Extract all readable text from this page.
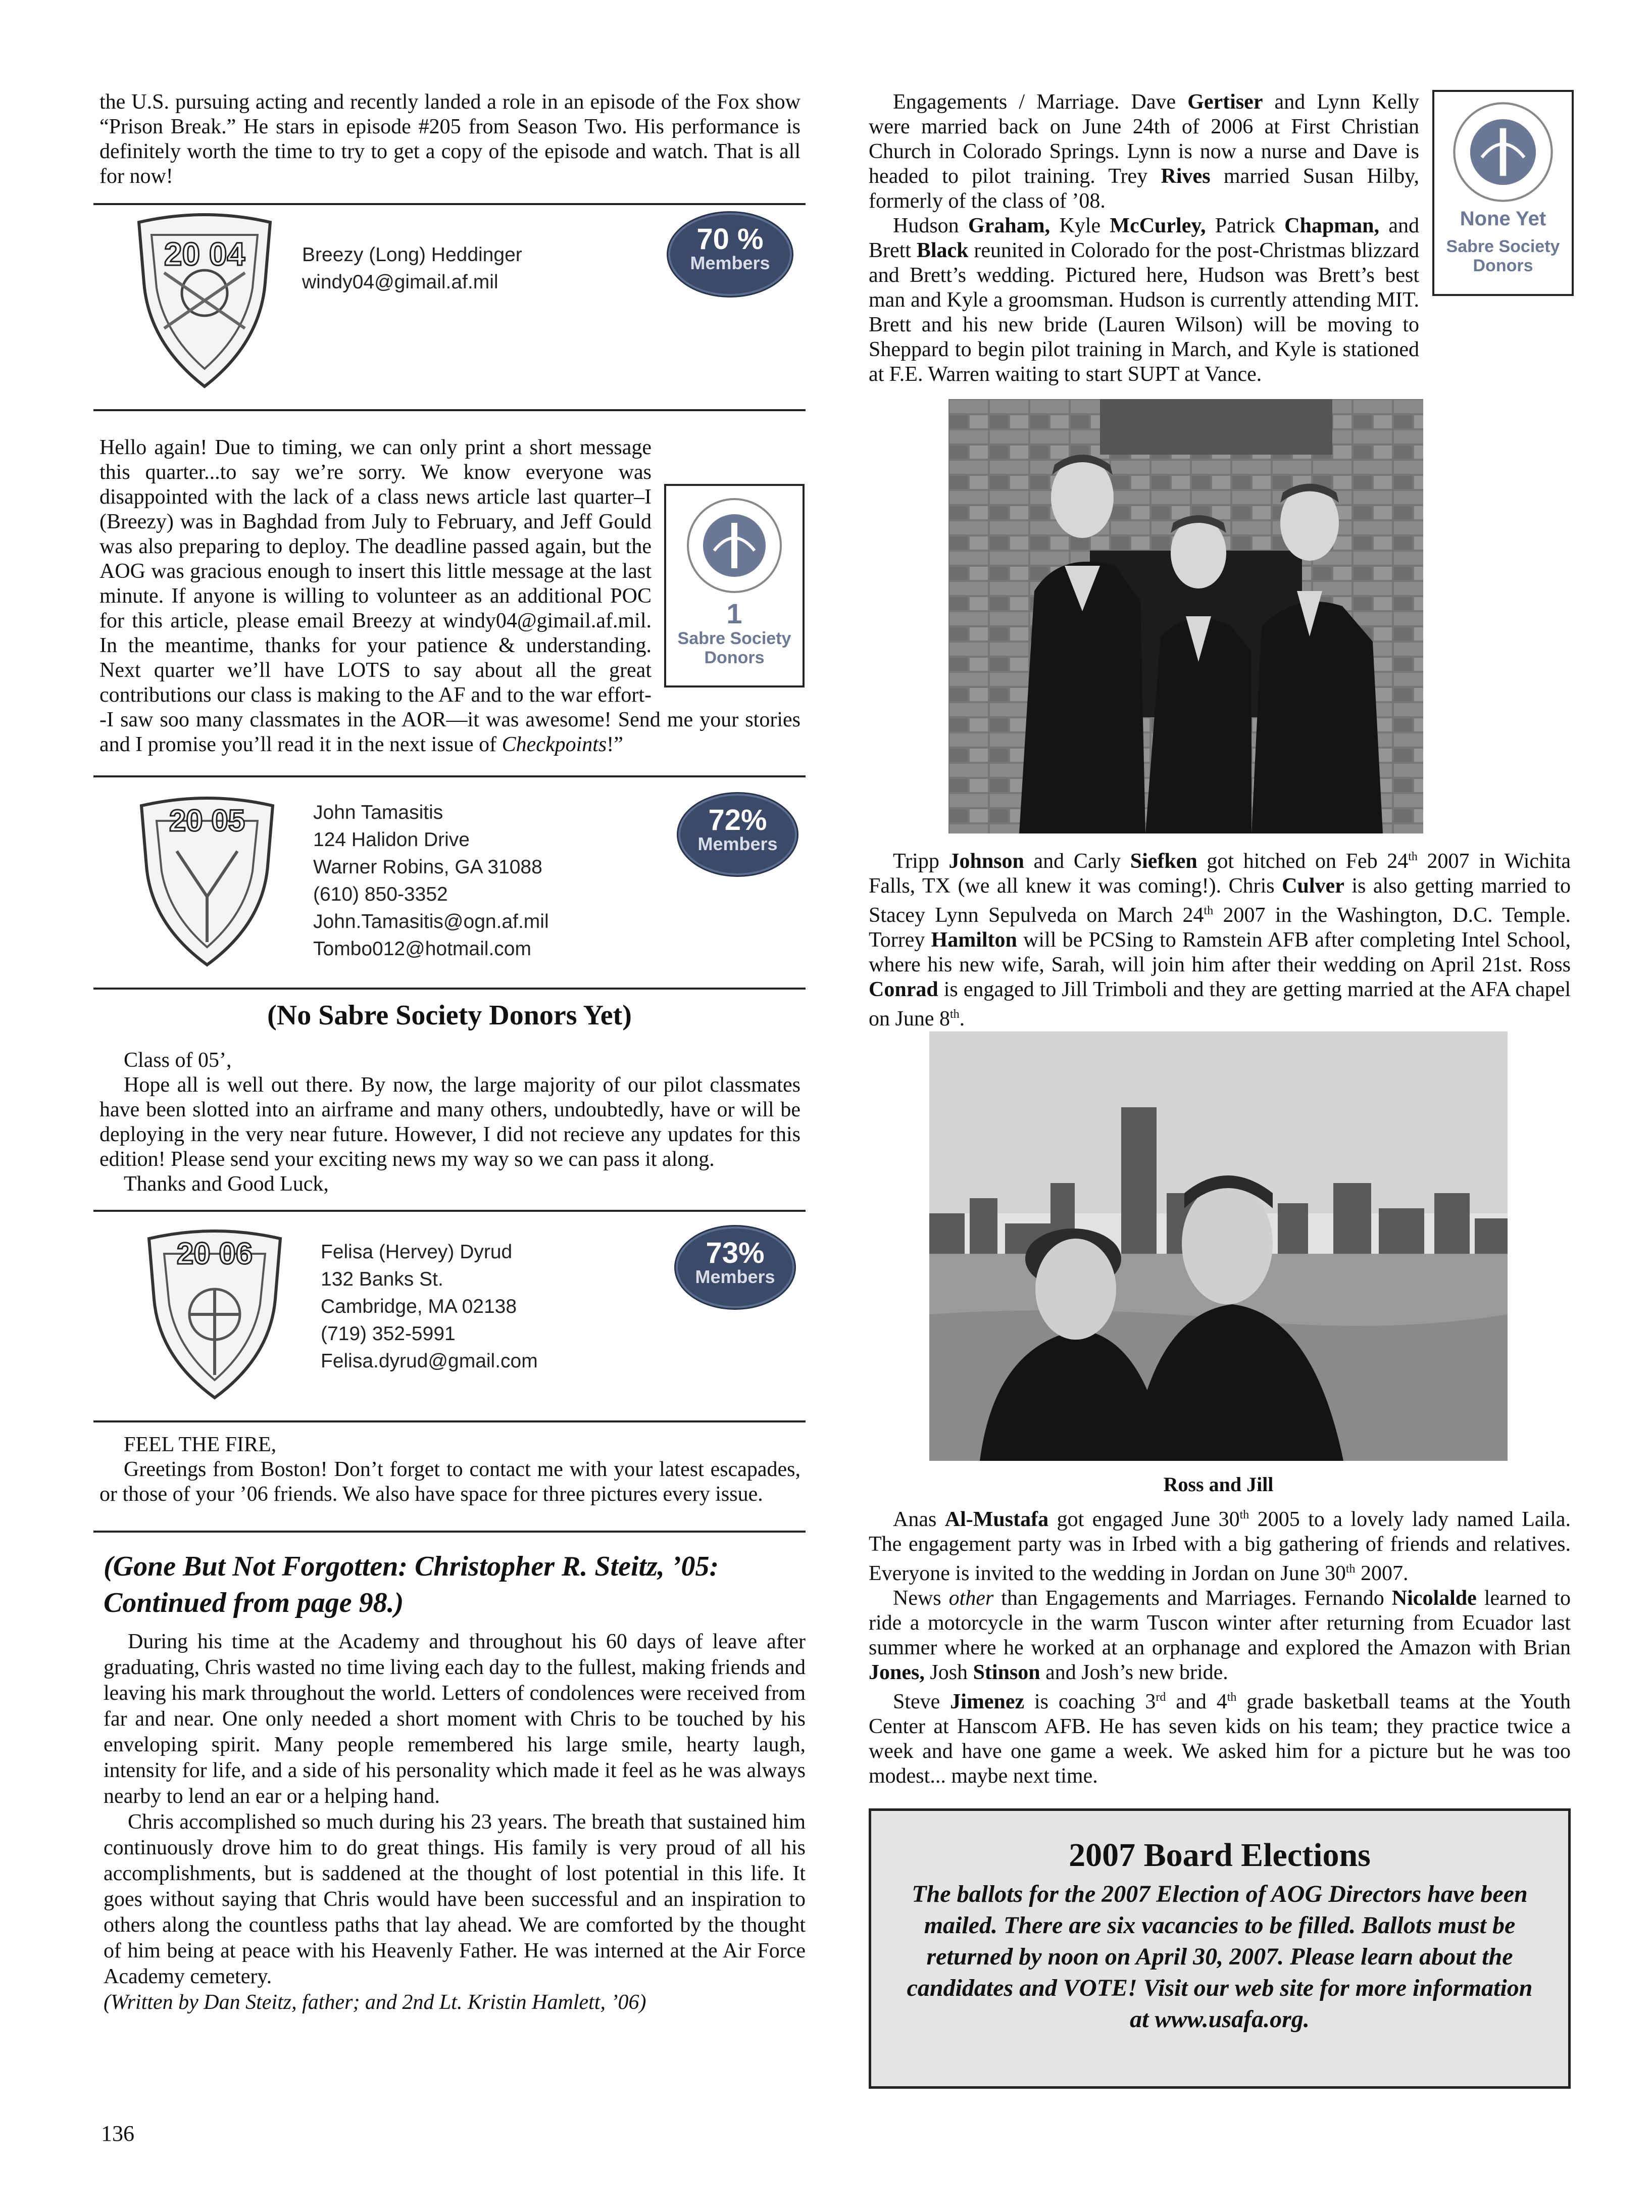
the U.S. pursuing acting and recently landed a role in an episode of the Fox show “Prison Break.” He stars in episode #205 from Season Two. His performance is definitely worth the time to try to get a copy of the episode and watch. That is all for now!

20 04	Breezy (Long) Heddinger
windy04@gimail.af.mil
70 %
Members
1
Sabre Society
Donors

Hello again! Due to timing, we can only print a short message this quarter...to say we’re sorry. We know everyone was disappointed with the lack of a class news article last quarter–I (Breezy) was in Baghdad from July to February, and Jeff Gould was also preparing to deploy. The deadline passed again, but the AOG was gracious enough to insert this little message at the last minute. If anyone is willing to volunteer as an additional POC for this article, please email Breezy at windy04@gimail.af.mil. In the meantime, thanks for your patience & understanding. Next quarter we’ll have LOTS to say about all the great contributions our class is making to the AF and to the war effort--I saw soo many classmates in the AOR—it was awesome! Send me your stories and I promise you’ll read it in the next issue of Checkpoints!”

20 05	John Tamasitis
124 Halidon Drive
Warner Robins, GA 31088
(610) 850-3352
John.Tamasitis@ogn.af.mil
Tombo012@hotmail.com
72%
Members
(No Sabre Society Donors Yet)

Class of 05’,

Hope all is well out there. By now, the large majority of our pilot classmates have been slotted into an airframe and many others, undoubtedly, have or will be deploying in the very near future. However, I did not recieve any updates for this edition! Please send your exciting news my way so we can pass it along.

Thanks and Good Luck,

20 06	Felisa (Hervey) Dyrud
132 Banks St.
Cambridge, MA 02138
(719) 352-5991
Felisa.dyrud@gmail.com
73%
Members

FEEL THE FIRE,

Greetings from Boston! Don’t forget to contact me with your latest escapades, or those of your ’06 friends. We also have space for three pictures every issue.

(Gone But Not Forgotten: Christopher R. Steitz, ’05:
Continued from page 98.)

During his time at the Academy and throughout his 60 days of leave after graduating, Chris wasted no time living each day to the fullest, making friends and leaving his mark throughout the world. Letters of condolences were received from far and near. One only needed a short moment with Chris to be touched by his enveloping spirit. Many people remembered his large smile, hearty laugh, intensity for life, and a side of his personality which made it feel as he was always nearby to lend an ear or a helping hand.

Chris accomplished so much during his 23 years. The breath that sustained him continuously drove him to do great things. His family is very proud of all his accomplishments, but is saddened at the thought of lost potential in this life. It goes without saying that Chris would have been successful and an inspiration to others along the countless paths that lay ahead. We are comforted by the thought of him being at peace with his Heavenly Father. He was interned at the Air Force Academy cemetery.

(Written by Dan Steitz, father; and 2nd Lt. Kristin Hamlett, ’06)

136
None Yet
Sabre Society
Donors

Engagements / Marriage. Dave Gertiser and Lynn Kelly were married back on June 24th of 2006 at First Christian Church in Colorado Springs. Lynn is now a nurse and Dave is headed to pilot training. Trey Rives married Susan Hilby, formerly of the class of ’08.

Hudson Graham, Kyle McCurley, Patrick Chapman, and Brett Black reunited in Colorado for the post-Christmas blizzard and Brett’s wedding. Pictured here, Hudson was Brett’s best man and Kyle a groomsman. Hudson is currently attending MIT. Brett and his new bride (Lauren Wilson) will be moving to Sheppard to begin pilot training in March, and Kyle is stationed at F.E. Warren waiting to start SUPT at Vance.

Tripp Johnson and Carly Siefken got hitched on Feb 24th 2007 in Wichita Falls, TX (we all knew it was coming!). Chris Culver is also getting married to Stacey Lynn Sepulveda on March 24th 2007 in the Washington, D.C. Temple. Torrey Hamilton will be PCSing to Ramstein AFB after completing Intel School, where his new wife, Sarah, will join him after their wedding on April 21st. Ross Conrad is engaged to Jill Trimboli and they are getting married at the AFA chapel on June 8th.

Ross and Jill

Anas Al-Mustafa got engaged June 30th 2005 to a lovely lady named Laila. The engagement party was in Irbed with a big gathering of friends and relatives. Everyone is invited to the wedding in Jordan on June 30th 2007.

News other than Engagements and Marriages. Fernando Nicolalde learned to ride a motorcycle in the warm Tuscon winter after returning from Ecuador last summer where he worked at an orphanage and explored the Amazon with Brian Jones, Josh Stinson and Josh’s new bride.

Steve Jimenez is coaching 3rd and 4th grade basketball teams at the Youth Center at Hanscom AFB. He has seven kids on his team; they practice twice a week and have one game a week. We asked him for a picture but he was too modest... maybe next time.

2007 Board Elections
The ballots for the 2007 Election of AOG Directors have been mailed. There are six vacancies to be filled. Ballots must be returned by noon on April 30, 2007. Please learn about the candidates and VOTE! Visit our web site for more information at www.usafa.org.
